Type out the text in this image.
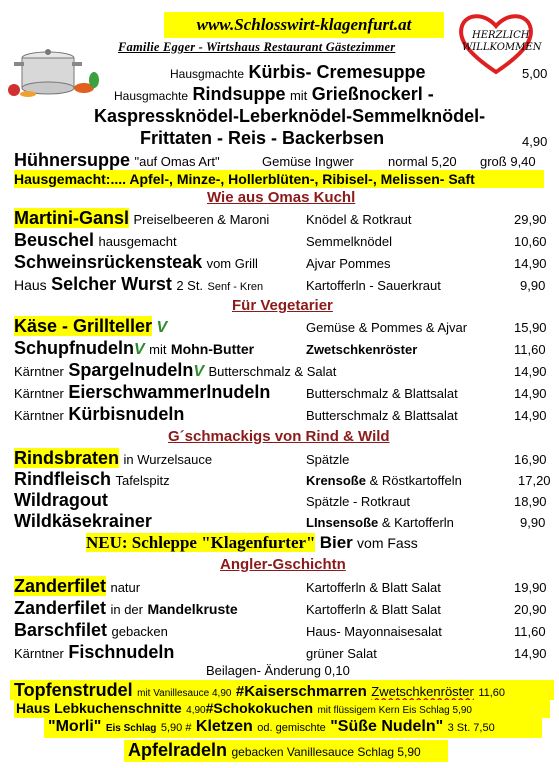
www.Schlosswirt-klagenfurt.at
Familie Egger - Wirtshaus Restaurant Gästezimmer
HERZLICH
WILLKOMMEN
Hausgmachte Kürbis- Cremesuppe	5,00
Hausgmachte Rindsuppe mit Grießnockerl -
Kaspressknödel-Leberknödel-Semmelknödel-
Frittaten - Reis - Backerbsen	4,90
Hühnersuppe "auf Omas Art"	Gemüse Ingwer	normal 5,20 groß 9,40
Hausgemacht:.... Apfel-, Minze-, Hollerblüten-, Ribisel-, Melissen- Saft
Wie aus Omas Kuchl
Martini-Gansl Preiselbeeren & Maroni	Knödel & Rotkraut	29,90
Beuschel hausgemacht	Semmelknödel	10,60
Schweinsrückensteak vom Grill	Ajvar Pommes	14,90
Haus Selcher Wurst 2 St. Senf - Kren	Kartofferln - Sauerkraut	9,90
Für Vegetarier
Käse - Grillteller V	Gemüse & Pommes & Ajvar	15,90
SchupfnudelnV mit Mohn-Butter	Zwetschkenröster	11,60
Kärntner SpargelnudelnV Butterschmalz & Salat	14,90
Kärntner Eierschwammerlnudeln	Butterschmalz & Blattsalat	14,90
Kärntner Kürbisnudeln	Butterschmalz & Blattsalat	14,90
G´schmackigs von Rind & Wild
Rindsbraten in Wurzelsauce	Spätzle	16,90
Rindfleisch Tafelspitz	Krensoße & Röstkartoffeln	17,20
Wildragout	Spätzle - Rotkraut	18,90
Wildkäsekrainer	LInsensoße & Kartofferln	9,90
NEU: Schleppe "Klagenfurter" Bier vom Fass
Angler-Gschichtn
Zanderfilet natur	Kartofferln & Blatt Salat	19,90
Zanderfilet in der Mandelkruste	Kartofferln & Blatt Salat	20,90
Barschfilet gebacken	Haus- Mayonnaisesalat	11,60
Kärntner Fischnudeln	grüner Salat	14,90
Beilagen- Änderung 0,10
Topfenstrudel mit Vanillesauce 4,90 #Kaiserschmarren Zwetschkenröster 11,60
Haus Lebkuchenschnitte 4,90#Schokokuchen mit flüssigem Kern Eis Schlag 5,90
"Morli" Eis Schlag 5,90 # Kletzen od. gemischte "Süße Nudeln" 3 St. 7,50
Apfelradeln gebacken Vanillesauce Schlag 5,90
